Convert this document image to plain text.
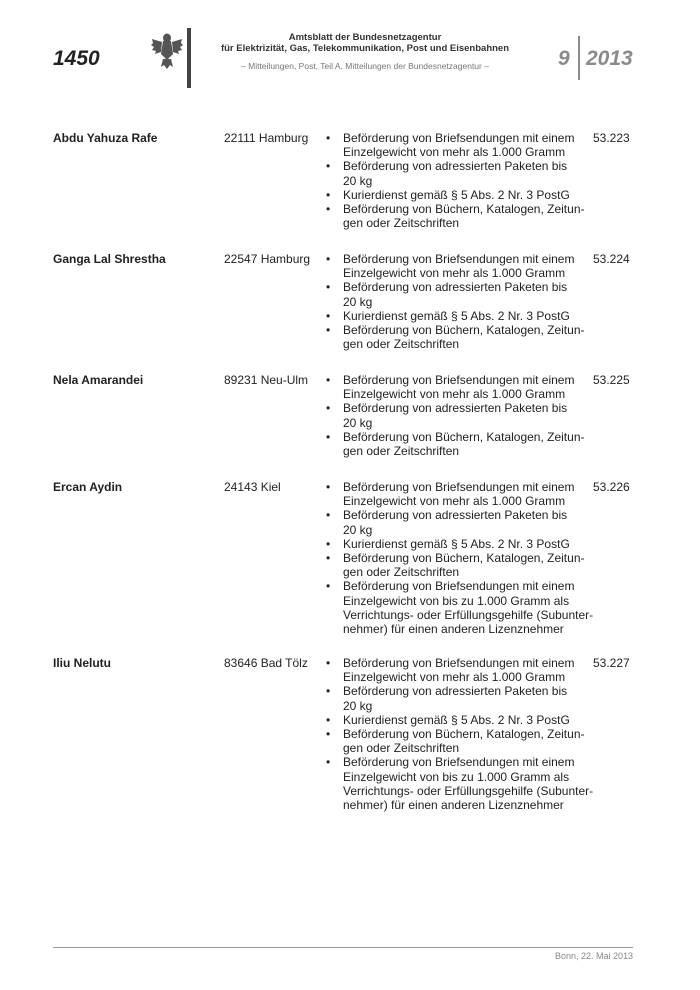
1450
Amtsblatt der Bundesnetzagentur
für Elektrizität, Gas, Telekommunikation, Post und Eisenbahnen
– Mitteilungen, Post, Teil A, Mitteilungen der Bundesnetzagentur –	9 2013
Abdu Yahuza Rafe	22111 Hamburg • Beförderung von Briefsendungen mit einem
Einzelgewicht von mehr als 1.000 Gramm
• Beförderung von adressierten Paketen bis
20 kg
• Kurierdienst gemäß § 5 Abs. 2 Nr. 3 PostG
• Beförderung von Büchern, Katalogen, Zeitun-
gen oder Zeitschriften
53.223
Ganga Lal Shrestha	22547 Hamburg • Beförderung von Briefsendungen mit einem
Einzelgewicht von mehr als 1.000 Gramm
• Beförderung von adressierten Paketen bis
20 kg
• Kurierdienst gemäß § 5 Abs. 2 Nr. 3 PostG
• Beförderung von Büchern, Katalogen, Zeitun-
gen oder Zeitschriften
53.224
Nela Amarandei	89231 Neu-Ulm • Beförderung von Briefsendungen mit einem
Einzelgewicht von mehr als 1.000 Gramm
• Beförderung von adressierten Paketen bis
20 kg
• Beförderung von Büchern, Katalogen, Zeitun-
gen oder Zeitschriften
53.225
Ercan Aydin	24143 Kiel	• Beförderung von Briefsendungen mit einem
Einzelgewicht von mehr als 1.000 Gramm
• Beförderung von adressierten Paketen bis
20 kg
• Kurierdienst gemäß § 5 Abs. 2 Nr. 3 PostG
• Beförderung von Büchern, Katalogen, Zeitun-
gen oder Zeitschriften
• Beförderung von Briefsendungen mit einem
Einzelgewicht von bis zu 1.000 Gramm als
Verrichtungs- oder Erfüllungsgehilfe (Subunter-
nehmer) für einen anderen Lizenznehmer
53.226
Iliu Nelutu	83646 Bad Tölz • Beförderung von Briefsendungen mit einem
Einzelgewicht von mehr als 1.000 Gramm
• Beförderung von adressierten Paketen bis
20 kg
• Kurierdienst gemäß § 5 Abs. 2 Nr. 3 PostG
• Beförderung von Büchern, Katalogen, Zeitun-
gen oder Zeitschriften
• Beförderung von Briefsendungen mit einem
Einzelgewicht von bis zu 1.000 Gramm als
Verrichtungs- oder Erfüllungsgehilfe (Subunter-
nehmer) für einen anderen Lizenznehmer
53.227
Bonn, 22. Mai 2013
